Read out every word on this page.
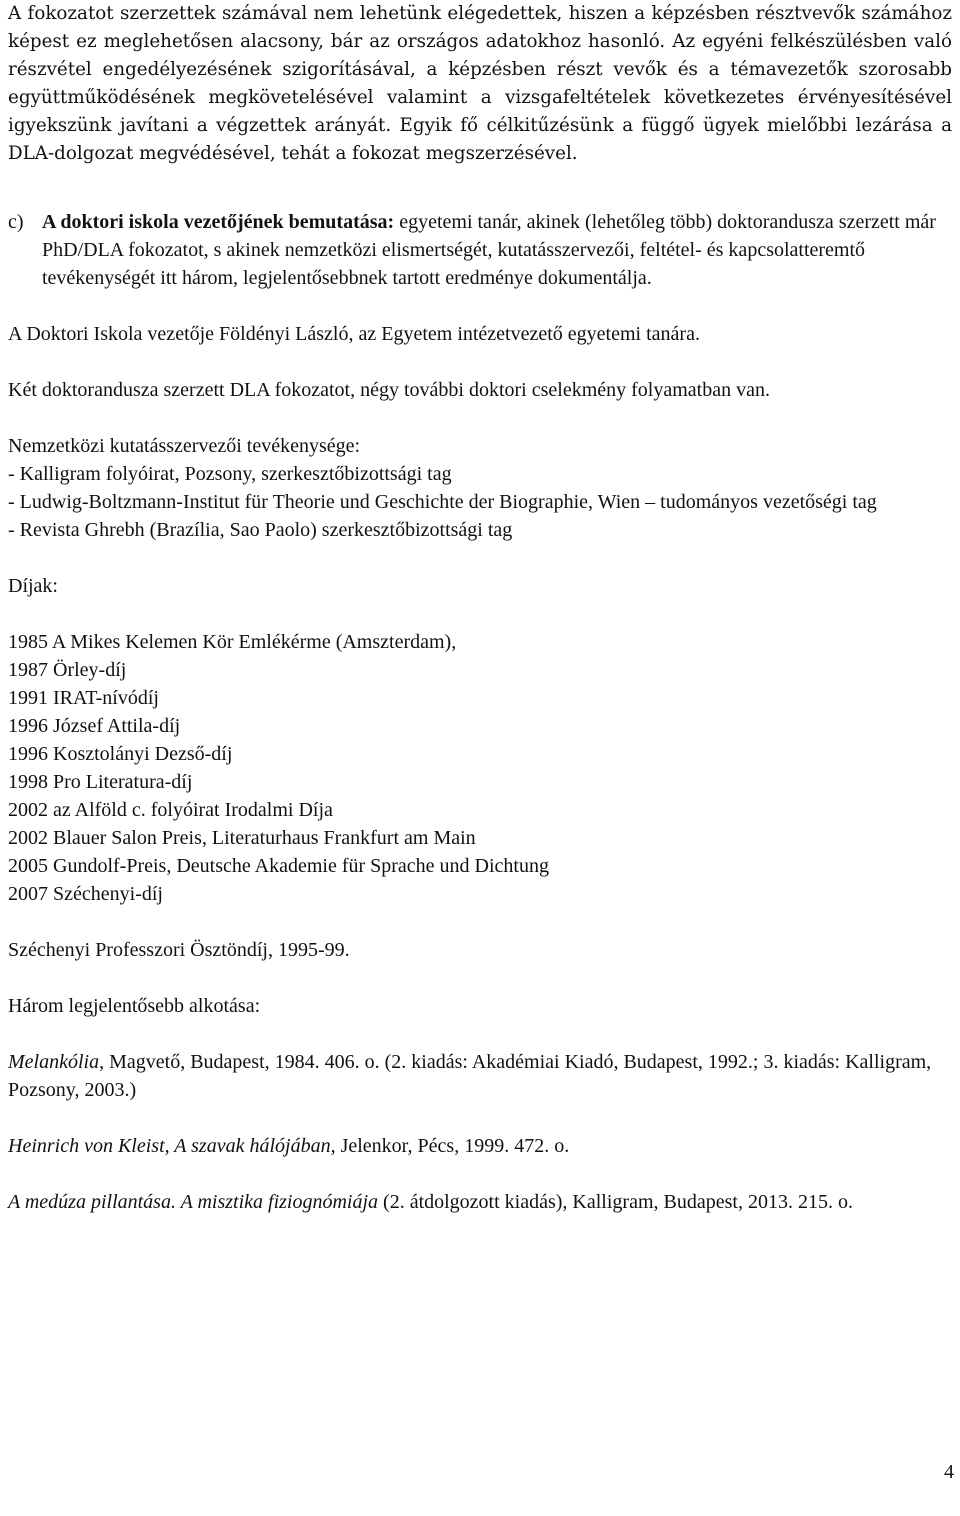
A fokozatot szerzettek számával nem lehetünk elégedettek, hiszen a képzésben résztvevők számához képest ez meglehetősen alacsony, bár az országos adatokhoz hasonló. Az egyéni felkészülésben való részvétel engedélyezésének szigorításával, a képzésben részt vevők és a témavezetők szorosabb együttműködésének megkövetelésével valamint a vizsgafeltételek következetes érvényesítésével igyekszünk javítani a végzettek arányát. Egyik fő célkitűzésünk a függő ügyek mielőbbi lezárása a DLA-dolgozat megvédésével, tehát a fokozat megszerzésével.

c) A doktori iskola vezetőjének bemutatása: egyetemi tanár, akinek (lehetőleg több) doktorandusza szerzett már PhD/DLA fokozatot, s akinek nemzetközi elismertségét, kutatásszervezői, feltétel- és kapcsolatteremtő tevékenységét itt három, legjelentősebbnek tartott eredménye dokumentálja.

A Doktori Iskola vezetője Földényi László, az Egyetem intézetvezető egyetemi tanára.

Két doktorandusza szerzett DLA fokozatot, négy további doktori cselekmény folyamatban van.

Nemzetközi kutatásszervezői tevékenysége:
- Kalligram folyóirat, Pozsony, szerkesztőbizottsági tag
- Ludwig-Boltzmann-Institut für Theorie und Geschichte der Biographie, Wien – tudományos vezetőségi tag
- Revista Ghrebh (Brazília, Sao Paolo) szerkesztőbizottsági tag

Díjak:

1985 A Mikes Kelemen Kör Emlékérme (Amszterdam),
1987 Örley-díj
1991 IRAT-nívódíj
1996 József Attila-díj
1996 Kosztolányi Dezső-díj
1998 Pro Literatura-díj
2002 az Alföld c. folyóirat Irodalmi Díja
2002 Blauer Salon Preis, Literaturhaus Frankfurt am Main
2005 Gundolf-Preis, Deutsche Akademie für Sprache und Dichtung
2007 Széchenyi-díj

Széchenyi Professzori Ösztöndíj, 1995-99.

Három legjelentősebb alkotása:

Melankólia, Magvető, Budapest, 1984. 406. o. (2. kiadás: Akadémiai Kiadó, Budapest, 1992.; 3. kiadás: Kalligram, Pozsony, 2003.)

Heinrich von Kleist, A szavak hálójában, Jelenkor, Pécs, 1999. 472. o.

A medúza pillantása. A misztika fiziognómiája (2. átdolgozott kiadás), Kalligram, Budapest, 2013. 215. o.

4
